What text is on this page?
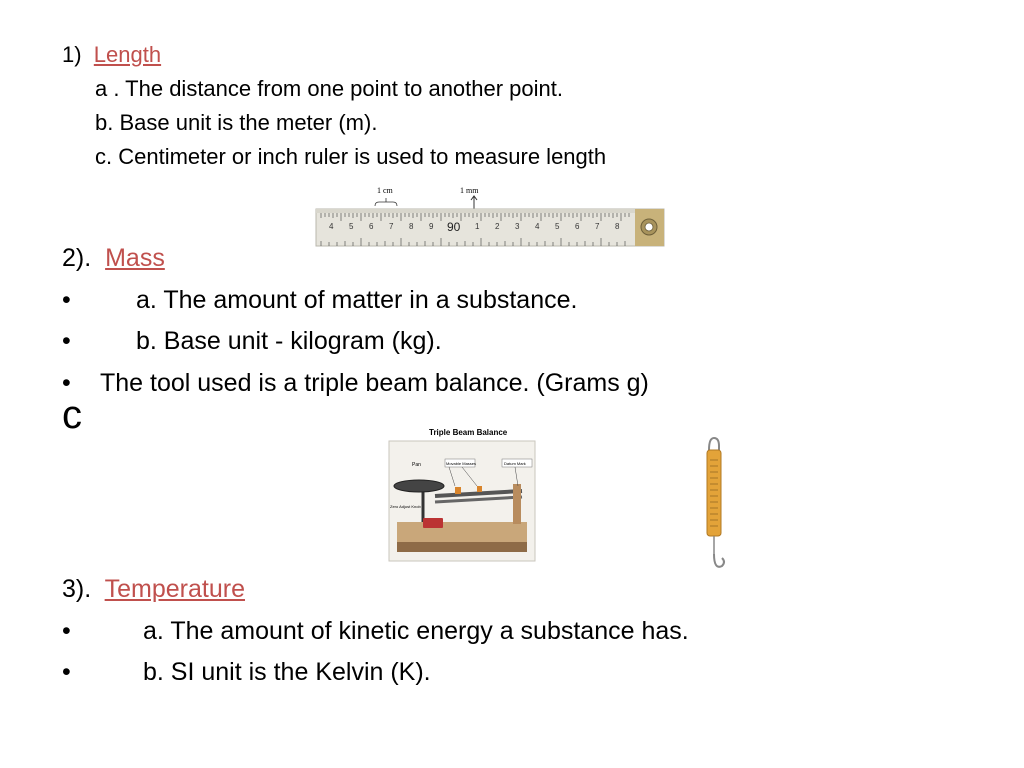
1) Length
a . The distance from one point to another point.
b. Base unit is the meter (m).
c. Centimeter or inch ruler is used to measure length
1 cm	1 mm
4 5 6 7 8 9 90 1 2 3 4 5 6 7 8
2). Mass
•	a. The amount of matter in a substance.
•	b. Base unit - kilogram (kg).
• The tool used is a triple beam balance. (Grams g)
c	Triple Beam Balance
Pan	Movable Masses	Datum Mark
Zero Adjust Knob
3). Temperature
•	a. The amount of kinetic energy a substance has.
•	b. SI unit is the Kelvin (K).
